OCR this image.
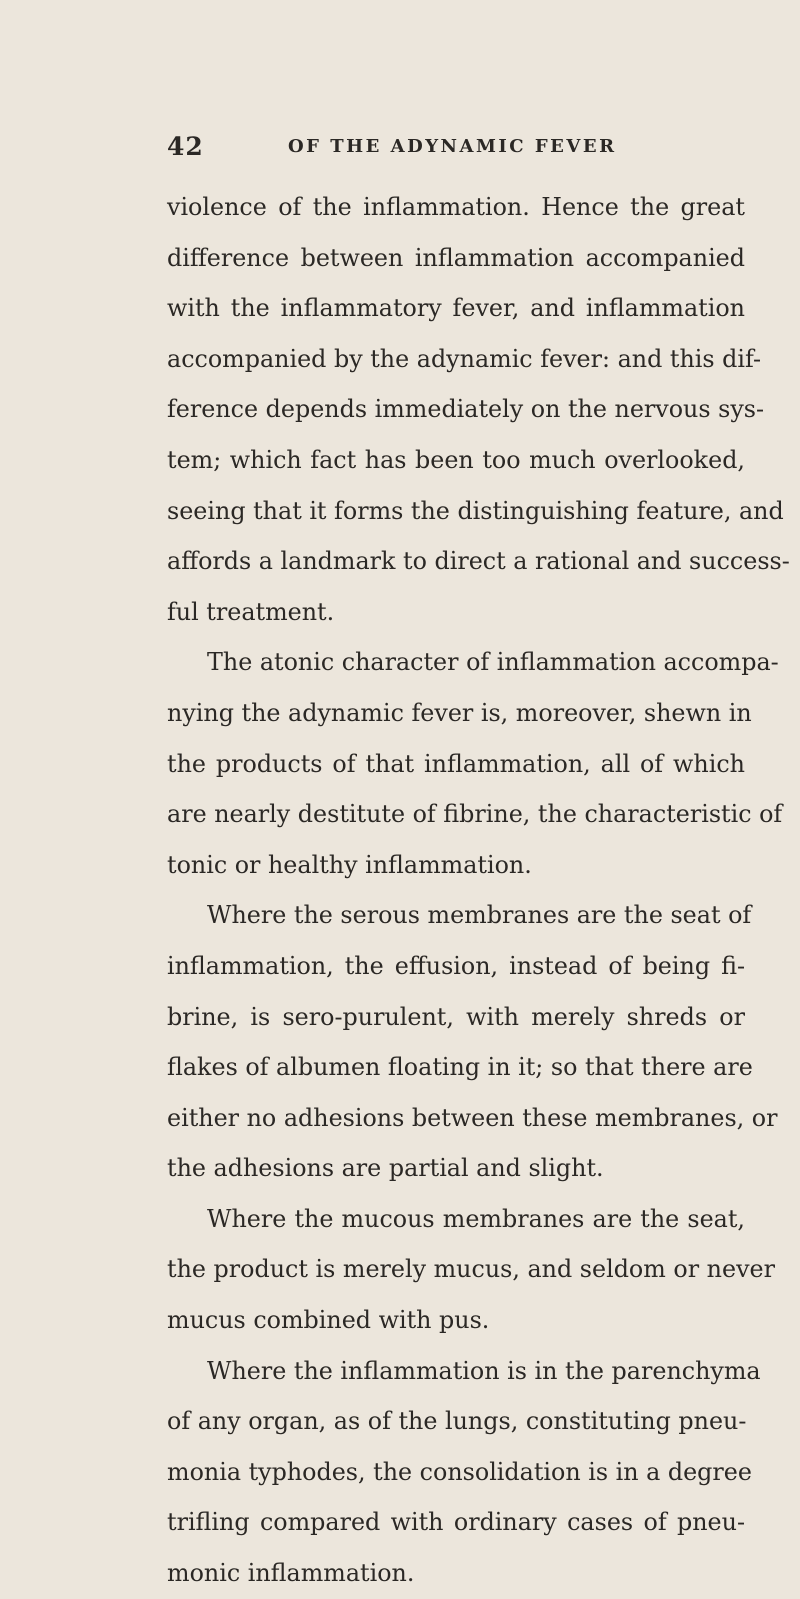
42	OF THE ADYNAMIC FEVER
violence of the inflammation. Hence the great
difference between inflammation accompanied
with the inflammatory fever, and inflammation
accompanied by the adynamic fever: and this dif-
ference depends immediately on the nervous sys-
tem; which fact has been too much overlooked,
seeing that it forms the distinguishing feature, and
affords a landmark to direct a rational and success-
ful treatment.
The atonic character of inflammation accompa-
nying the adynamic fever is, moreover, shewn in
the products of that inflammation, all of which
are nearly destitute of fibrine, the characteristic of
tonic or healthy inflammation.
Where the serous membranes are the seat of
inflammation, the effusion, instead of being fi-
brine, is sero-purulent, with merely shreds or
flakes of albumen floating in it; so that there are
either no adhesions between these membranes, or
the adhesions are partial and slight.
Where the mucous membranes are the seat,
the product is merely mucus, and seldom or never
mucus combined with pus.
Where the inflammation is in the parenchyma
of any organ, as of the lungs, constituting pneu-
monia typhodes, the consolidation is in a degree
trifling compared with ordinary cases of pneu-
monic inflammation.
